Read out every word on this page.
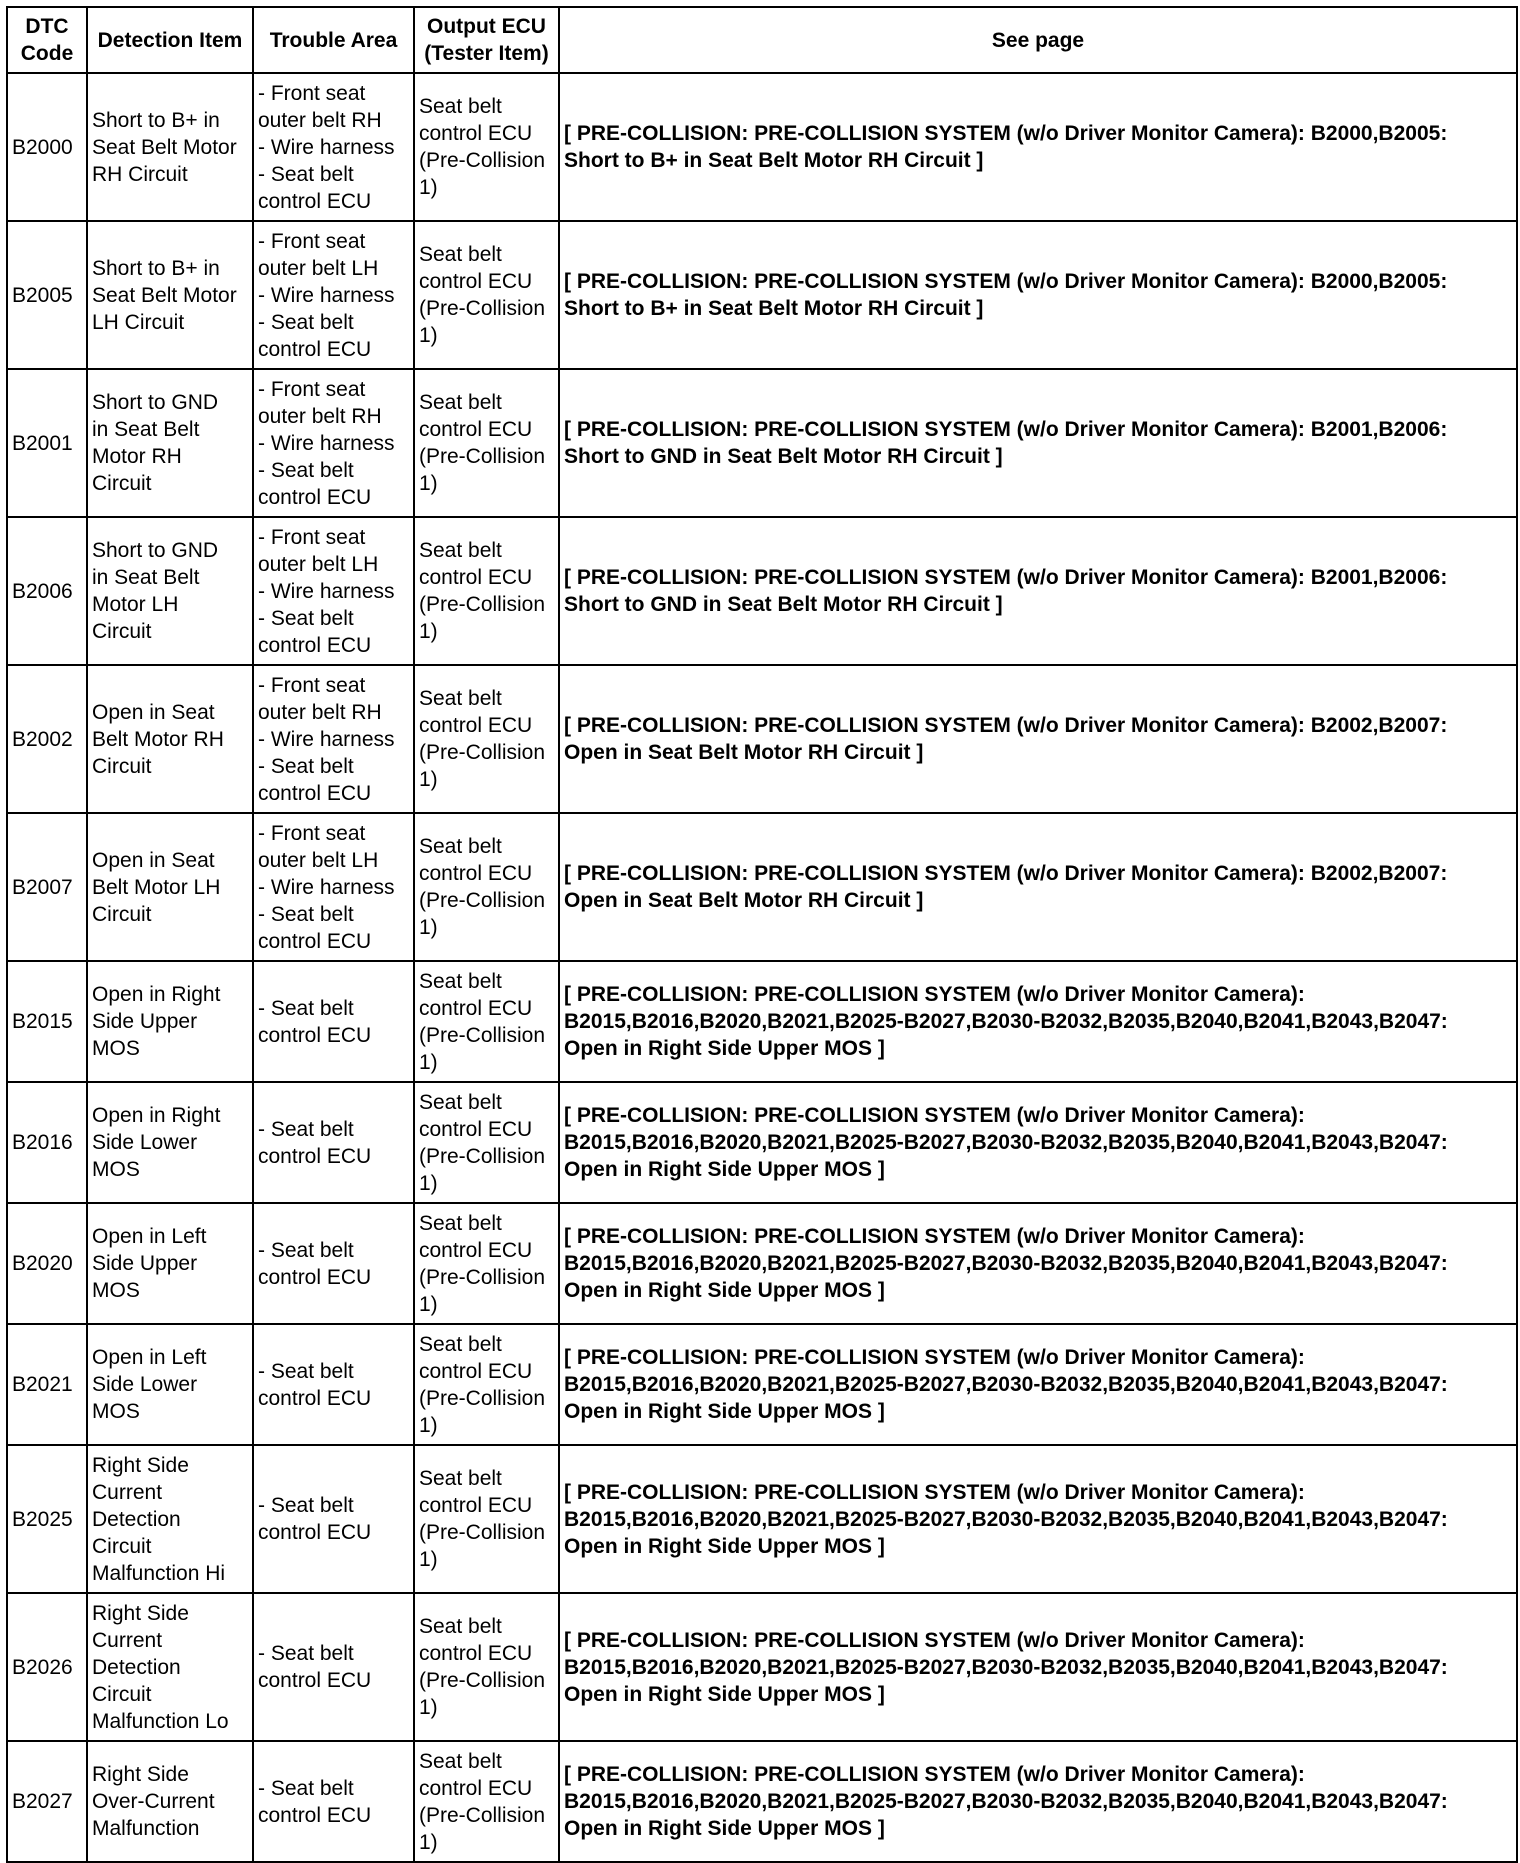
DTC
Code	Detection Item	Trouble Area	Output ECU
(Tester Item)	See page
B2000	Short to B+ in
Seat Belt Motor
RH Circuit	- Front seat
outer belt RH
- Wire harness
- Seat belt
control ECU	Seat belt
control ECU
(Pre-Collision
1)	[ PRE-COLLISION: PRE-COLLISION SYSTEM (w/o Driver Monitor Camera): B2000,B2005:
Short to B+ in Seat Belt Motor RH Circuit ]
B2005	Short to B+ in
Seat Belt Motor
LH Circuit	- Front seat
outer belt LH
- Wire harness
- Seat belt
control ECU	Seat belt
control ECU
(Pre-Collision
1)	[ PRE-COLLISION: PRE-COLLISION SYSTEM (w/o Driver Monitor Camera): B2000,B2005:
Short to B+ in Seat Belt Motor RH Circuit ]
B2001	Short to GND
in Seat Belt
Motor RH
Circuit	- Front seat
outer belt RH
- Wire harness
- Seat belt
control ECU	Seat belt
control ECU
(Pre-Collision
1)	[ PRE-COLLISION: PRE-COLLISION SYSTEM (w/o Driver Monitor Camera): B2001,B2006:
Short to GND in Seat Belt Motor RH Circuit ]
B2006	Short to GND
in Seat Belt
Motor LH
Circuit	- Front seat
outer belt LH
- Wire harness
- Seat belt
control ECU	Seat belt
control ECU
(Pre-Collision
1)	[ PRE-COLLISION: PRE-COLLISION SYSTEM (w/o Driver Monitor Camera): B2001,B2006:
Short to GND in Seat Belt Motor RH Circuit ]
B2002	Open in Seat
Belt Motor RH
Circuit	- Front seat
outer belt RH
- Wire harness
- Seat belt
control ECU	Seat belt
control ECU
(Pre-Collision
1)	[ PRE-COLLISION: PRE-COLLISION SYSTEM (w/o Driver Monitor Camera): B2002,B2007:
Open in Seat Belt Motor RH Circuit ]
B2007	Open in Seat
Belt Motor LH
Circuit	- Front seat
outer belt LH
- Wire harness
- Seat belt
control ECU	Seat belt
control ECU
(Pre-Collision
1)	[ PRE-COLLISION: PRE-COLLISION SYSTEM (w/o Driver Monitor Camera): B2002,B2007:
Open in Seat Belt Motor RH Circuit ]
B2015	Open in Right
Side Upper
MOS	- Seat belt
control ECU	Seat belt
control ECU
(Pre-Collision
1)	[ PRE-COLLISION: PRE-COLLISION SYSTEM (w/o Driver Monitor Camera):
B2015,B2016,B2020,B2021,B2025-B2027,B2030-B2032,B2035,B2040,B2041,B2043,B2047:
Open in Right Side Upper MOS ]
B2016	Open in Right
Side Lower
MOS	- Seat belt
control ECU	Seat belt
control ECU
(Pre-Collision
1)	[ PRE-COLLISION: PRE-COLLISION SYSTEM (w/o Driver Monitor Camera):
B2015,B2016,B2020,B2021,B2025-B2027,B2030-B2032,B2035,B2040,B2041,B2043,B2047:
Open in Right Side Upper MOS ]
B2020	Open in Left
Side Upper
MOS	- Seat belt
control ECU	Seat belt
control ECU
(Pre-Collision
1)	[ PRE-COLLISION: PRE-COLLISION SYSTEM (w/o Driver Monitor Camera):
B2015,B2016,B2020,B2021,B2025-B2027,B2030-B2032,B2035,B2040,B2041,B2043,B2047:
Open in Right Side Upper MOS ]
B2021	Open in Left
Side Lower
MOS	- Seat belt
control ECU	Seat belt
control ECU
(Pre-Collision
1)	[ PRE-COLLISION: PRE-COLLISION SYSTEM (w/o Driver Monitor Camera):
B2015,B2016,B2020,B2021,B2025-B2027,B2030-B2032,B2035,B2040,B2041,B2043,B2047:
Open in Right Side Upper MOS ]
B2025	Right Side
Current
Detection
Circuit
Malfunction Hi	- Seat belt
control ECU	Seat belt
control ECU
(Pre-Collision
1)	[ PRE-COLLISION: PRE-COLLISION SYSTEM (w/o Driver Monitor Camera):
B2015,B2016,B2020,B2021,B2025-B2027,B2030-B2032,B2035,B2040,B2041,B2043,B2047:
Open in Right Side Upper MOS ]
B2026	Right Side
Current
Detection
Circuit
Malfunction Lo	- Seat belt
control ECU	Seat belt
control ECU
(Pre-Collision
1)	[ PRE-COLLISION: PRE-COLLISION SYSTEM (w/o Driver Monitor Camera):
B2015,B2016,B2020,B2021,B2025-B2027,B2030-B2032,B2035,B2040,B2041,B2043,B2047:
Open in Right Side Upper MOS ]
B2027	Right Side
Over-Current
Malfunction	- Seat belt
control ECU	Seat belt
control ECU
(Pre-Collision
1)	[ PRE-COLLISION: PRE-COLLISION SYSTEM (w/o Driver Monitor Camera):
B2015,B2016,B2020,B2021,B2025-B2027,B2030-B2032,B2035,B2040,B2041,B2043,B2047:
Open in Right Side Upper MOS ]
